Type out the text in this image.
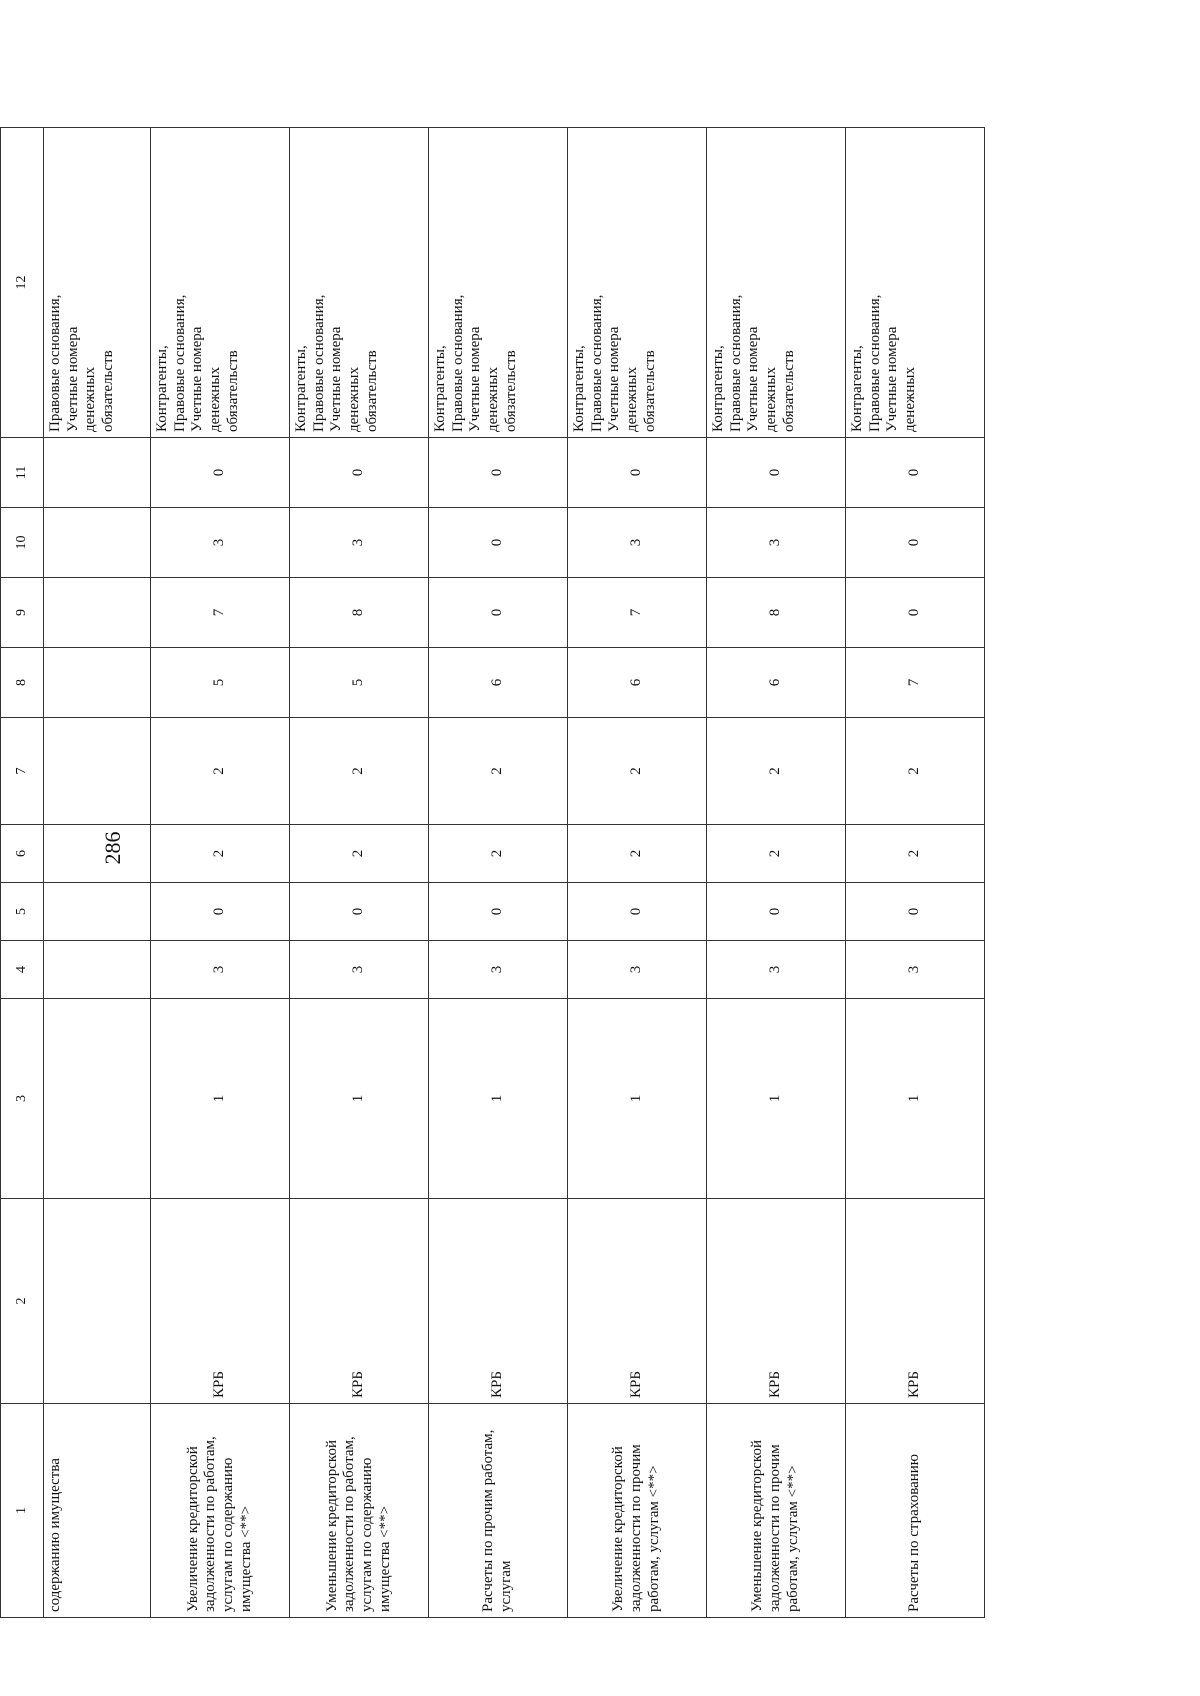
286
1	2	3	4	5	6	7	8	9	10	11	12
содержанию имущества											Правовые основания, Учетные номера денежных обязательств

Увеличение кредиторской задолженности по работам, услугам по содержанию имущества <**>	КРБ	1	3	0	2	2	5	7	3	0	Контрагенты, Правовые основания, Учетные номера денежных обязательств

Уменьшение кредиторской задолженности по работам, услугам по содержанию имущества <**>	КРБ	1	3	0	2	2	5	8	3	0	Контрагенты, Правовые основания, Учетные номера денежных обязательств

Расчеты по прочим работам, услугам	КРБ	1	3	0	2	2	6	0	0	0	Контрагенты, Правовые основания, Учетные номера денежных обязательств

Увеличение кредиторской задолженности по прочим работам, услугам <**>	КРБ	1	3	0	2	2	6	7	3	0	Контрагенты, Правовые основания, Учетные номера денежных обязательств

Уменьшение кредиторской задолженности по прочим работам, услугам <**>	КРБ	1	3	0	2	2	6	8	3	0	Контрагенты, Правовые основания, Учетные номера денежных обязательств

Расчеты по страхованию	КРБ	1	3	0	2	2	7	0	0	0	Контрагенты, Правовые основания, Учетные номера денежных
